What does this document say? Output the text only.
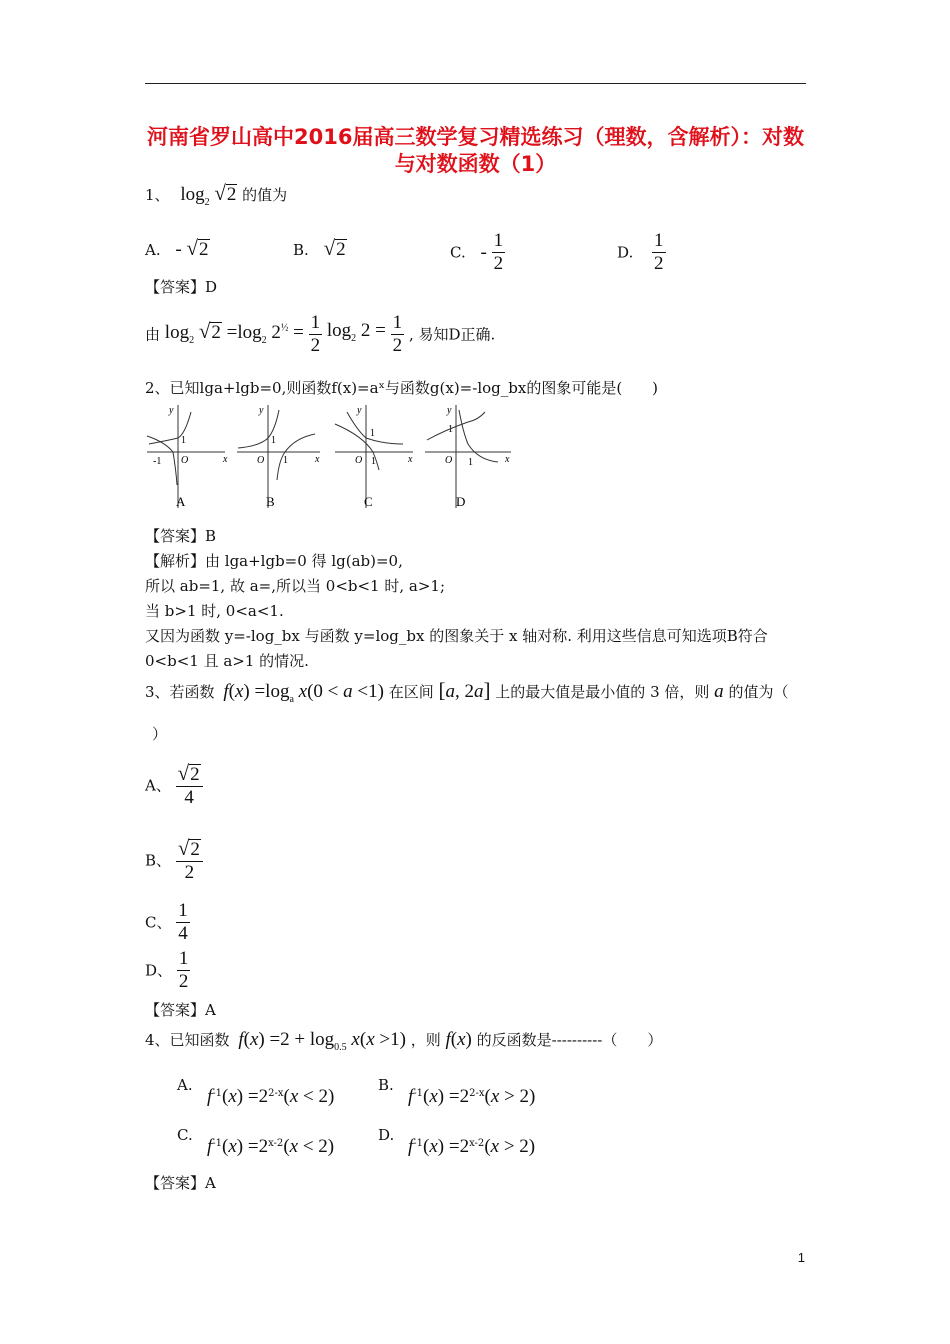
河南省罗山高中2016届高三数学复习精选练习（理数，含解析）：对数与对数函数（1）
1、 $\log_2 √2$ 的值为
A. - √2	B. √2	C. - $\frac{1}{2}$	D. $\frac{1}{2}$
【答案】D
由 $\log_2 √2 =\log_2$ $2^{\frac{1}{2}} = \frac{1}{2} \log_2 2 = \frac{1}{2}$ , 易知D正确.
2、已知lga+lgb=0,则函数f(x)=aˣ与函数g(x)=-log_bx的图象可能是(　　)
y
x
O
1
-1
y
x
O
1
1
y
x
O
1
1
y
x
O
1
1
A	B	C	D
【答案】B
【解析】由 lga+lgb=0 得 lg(ab)=0,
所以 ab=1, 故 a=,所以当 0<b<1 时, a>1;
当 b>1 时, 0<a<1.
又因为函数 y=-log_bx 与函数 y=log_bx 的图象关于 x 轴对称. 利用这些信息可知选项B符合
0<b<1 且 a>1 的情况.
3、若函数 $f(x) =\log_a$ x(0 < a <1) 在区间 [a, 2a] 上的最大值是最小值的 3 倍，则 a 的值为（
）
A、 $\frac{√2}{4}$
B、 $\frac{√2}{2}$
C、 $\frac{1}{4}$
D、 $\frac{1}{2}$
【答案】A
4、已知函数 $f(x) =2 + \log_{0.5} x(x >1)$ ，则 f(x) 的反函数是----------（　　）
A.
$f^{-1}(x) =2^{2-x}(x < 2)$
B.
$f^{-1}(x) =2^{2-x}(x > 2)$
C.
$f^{-1}(x) =2^{x-2}(x < 2)$
D.
$f^{-1}(x) =2^{x-2}(x > 2)$
【答案】A
1
